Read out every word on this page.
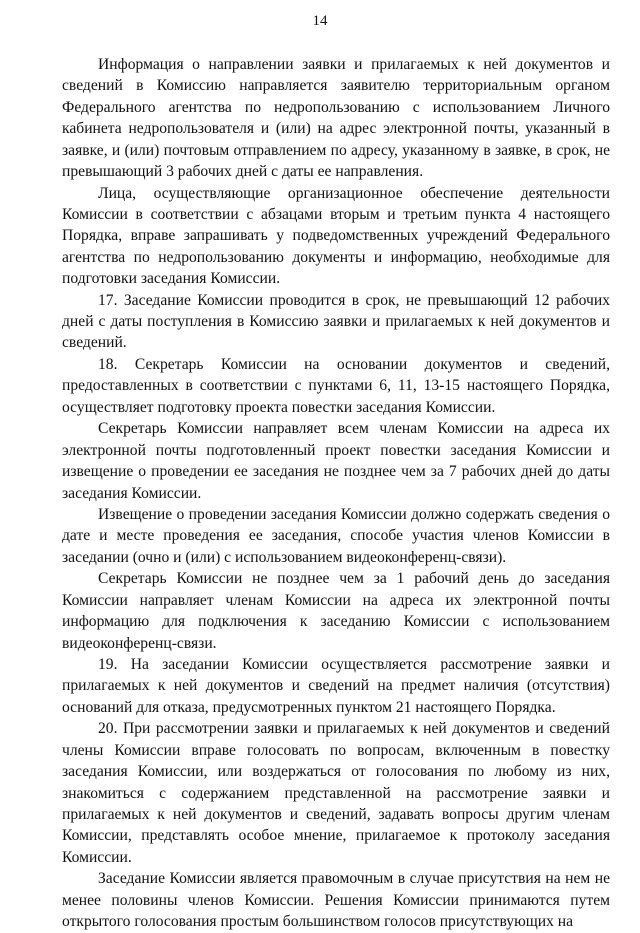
14

Информация о направлении заявки и прилагаемых к ней документов и сведений в Комиссию направляется заявителю территориальным органом Федерального агентства по недропользованию с использованием Личного кабинета недропользователя и (или) на адрес электронной почты, указанный в заявке, и (или) почтовым отправлением по адресу, указанному в заявке, в срок, не превышающий 3 рабочих дней с даты ее направления.

Лица, осуществляющие организационное обеспечение деятельности Комиссии в соответствии с абзацами вторым и третьим пункта 4 настоящего Порядка, вправе запрашивать у подведомственных учреждений Федерального агентства по недропользованию документы и информацию, необходимые для подготовки заседания Комиссии.

17. Заседание Комиссии проводится в срок, не превышающий 12 рабочих дней с даты поступления в Комиссию заявки и прилагаемых к ней документов и сведений.

18. Секретарь Комиссии на основании документов и сведений, предоставленных в соответствии с пунктами 6, 11, 13-15 настоящего Порядка, осуществляет подготовку проекта повестки заседания Комиссии.

Секретарь Комиссии направляет всем членам Комиссии на адреса их электронной почты подготовленный проект повестки заседания Комиссии и извещение о проведении ее заседания не позднее чем за 7 рабочих дней до даты заседания Комиссии.

Извещение о проведении заседания Комиссии должно содержать сведения о дате и месте проведения ее заседания, способе участия членов Комиссии в заседании (очно и (или) с использованием видеоконференц-связи).

Секретарь Комиссии не позднее чем за 1 рабочий день до заседания Комиссии направляет членам Комиссии на адреса их электронной почты информацию для подключения к заседанию Комиссии с использованием видеоконференц-связи.

19. На заседании Комиссии осуществляется рассмотрение заявки и прилагаемых к ней документов и сведений на предмет наличия (отсутствия) оснований для отказа, предусмотренных пунктом 21 настоящего Порядка.

20. При рассмотрении заявки и прилагаемых к ней документов и сведений члены Комиссии вправе голосовать по вопросам, включенным в повестку заседания Комиссии, или воздержаться от голосования по любому из них, знакомиться с содержанием представленной на рассмотрение заявки и прилагаемых к ней документов и сведений, задавать вопросы другим членам Комиссии, представлять особое мнение, прилагаемое к протоколу заседания Комиссии.

Заседание Комиссии является правомочным в случае присутствия на нем не менее половины членов Комиссии. Решения Комиссии принимаются путем открытого голосования простым большинством голосов присутствующих на
